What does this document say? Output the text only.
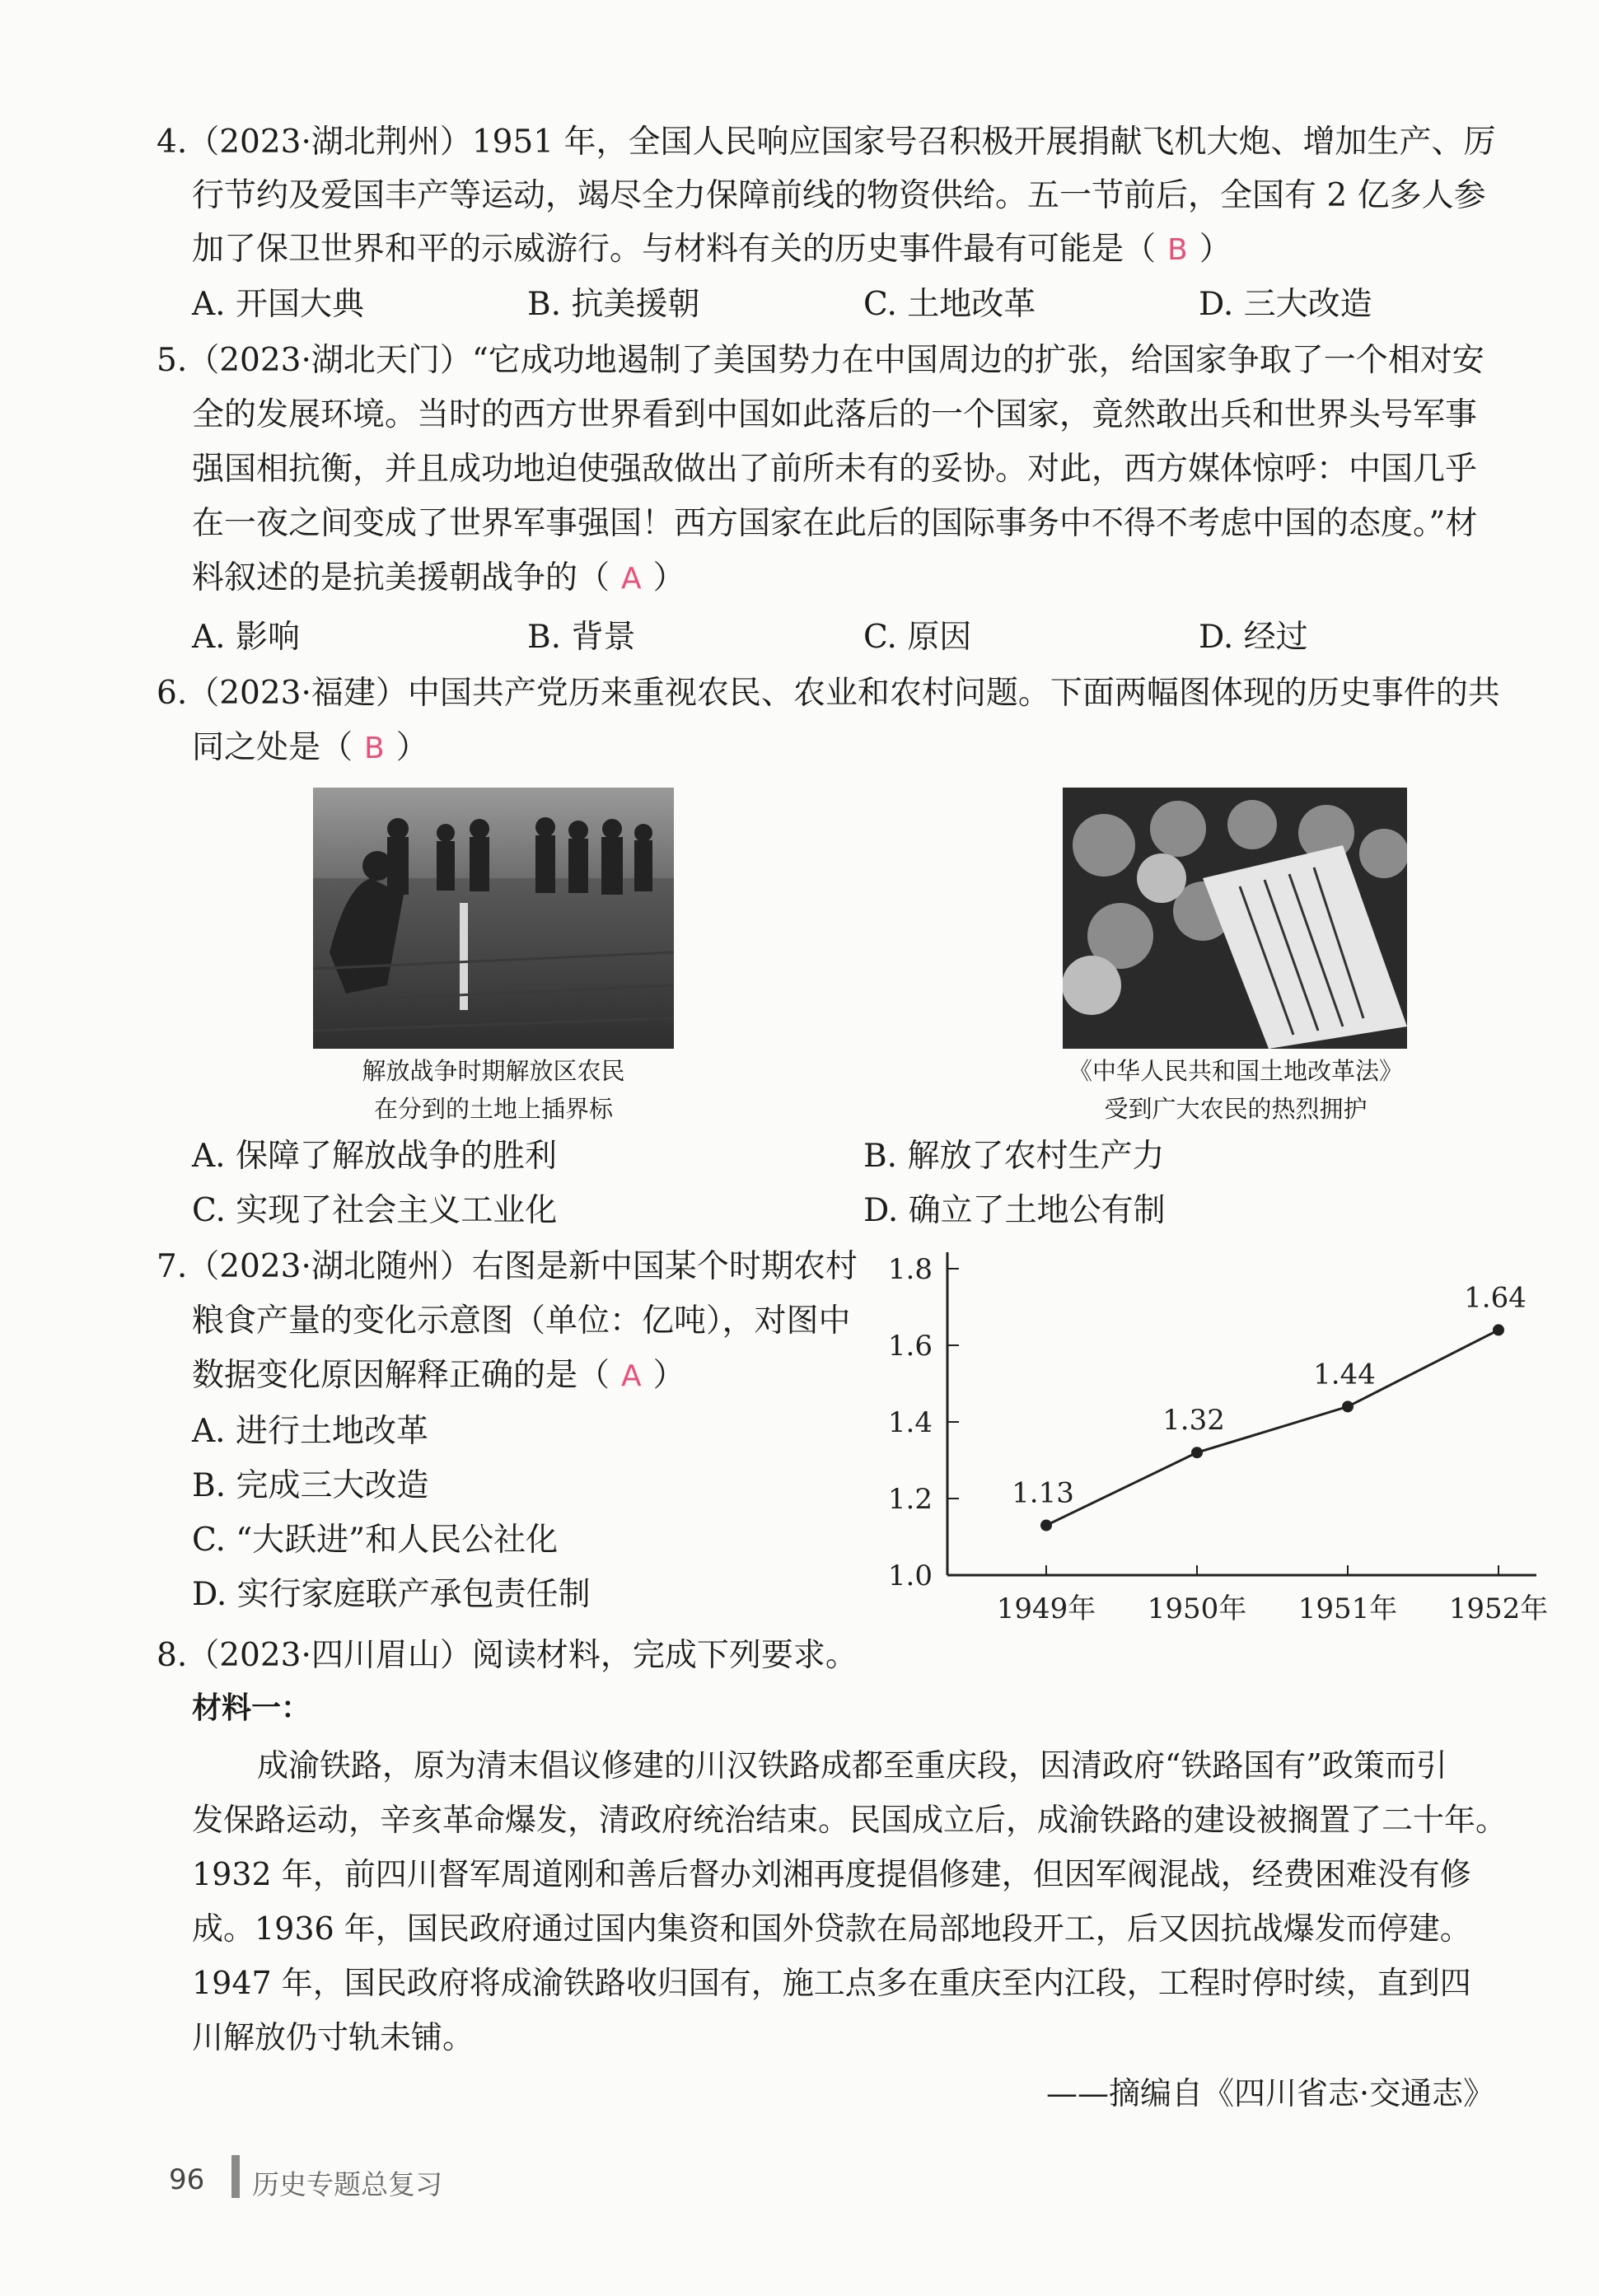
4.（2023·湖北荆州）1951 年，全国人民响应国家号召积极开展捐献飞机大炮、增加生产、厉
行节约及爱国丰产等运动，竭尽全力保障前线的物资供给。五一节前后，全国有 2 亿多人参
加了保卫世界和平的示威游行。与材料有关的历史事件最有可能是（ B ）
A. 开国大典	B. 抗美援朝	C. 土地改革	D. 三大改造
5.（2023·湖北天门）“它成功地遏制了美国势力在中国周边的扩张，给国家争取了一个相对安
全的发展环境。当时的西方世界看到中国如此落后的一个国家，竟然敢出兵和世界头号军事
强国相抗衡，并且成功地迫使强敌做出了前所未有的妥协。对此，西方媒体惊呼：中国几乎
在一夜之间变成了世界军事强国！西方国家在此后的国际事务中不得不考虑中国的态度。”材
料叙述的是抗美援朝战争的（ A ）
A. 影响	B. 背景	C. 原因	D. 经过
6.（2023·福建）中国共产党历来重视农民、农业和农村问题。下面两幅图体现的历史事件的共
同之处是（ B ）
解放战争时期解放区农民
在分到的土地上插界标
《中华人民共和国土地改革法》
受到广大农民的热烈拥护
A. 保障了解放战争的胜利	B. 解放了农村生产力
C. 实现了社会主义工业化	D. 确立了土地公有制
7.（2023·湖北随州）右图是新中国某个时期农村
粮食产量的变化示意图（单位：亿吨），对图中
数据变化原因解释正确的是（ A ）
A. 进行土地改革
B. 完成三大改造
C. “大跃进”和人民公社化
D. 实行家庭联产承包责任制	1.0
1.2
1.4
1.6
1.8
1949年 1950年 1951年 1952年
1.13
1.32
1.44
1.64
8.（2023·四川眉山）阅读材料，完成下列要求。
材料一：
成渝铁路，原为清末倡议修建的川汉铁路成都至重庆段，因清政府“铁路国有”政策而引
发保路运动，辛亥革命爆发，清政府统治结束。民国成立后，成渝铁路的建设被搁置了二十年。
1932 年，前四川督军周道刚和善后督办刘湘再度提倡修建，但因军阀混战，经费困难没有修
成。1936 年，国民政府通过国内集资和国外贷款在局部地段开工，后又因抗战爆发而停建。
1947 年，国民政府将成渝铁路收归国有，施工点多在重庆至内江段，工程时停时续，直到四
川解放仍寸轨未铺。
——摘编自《四川省志·交通志》
96 历史专题总复习
